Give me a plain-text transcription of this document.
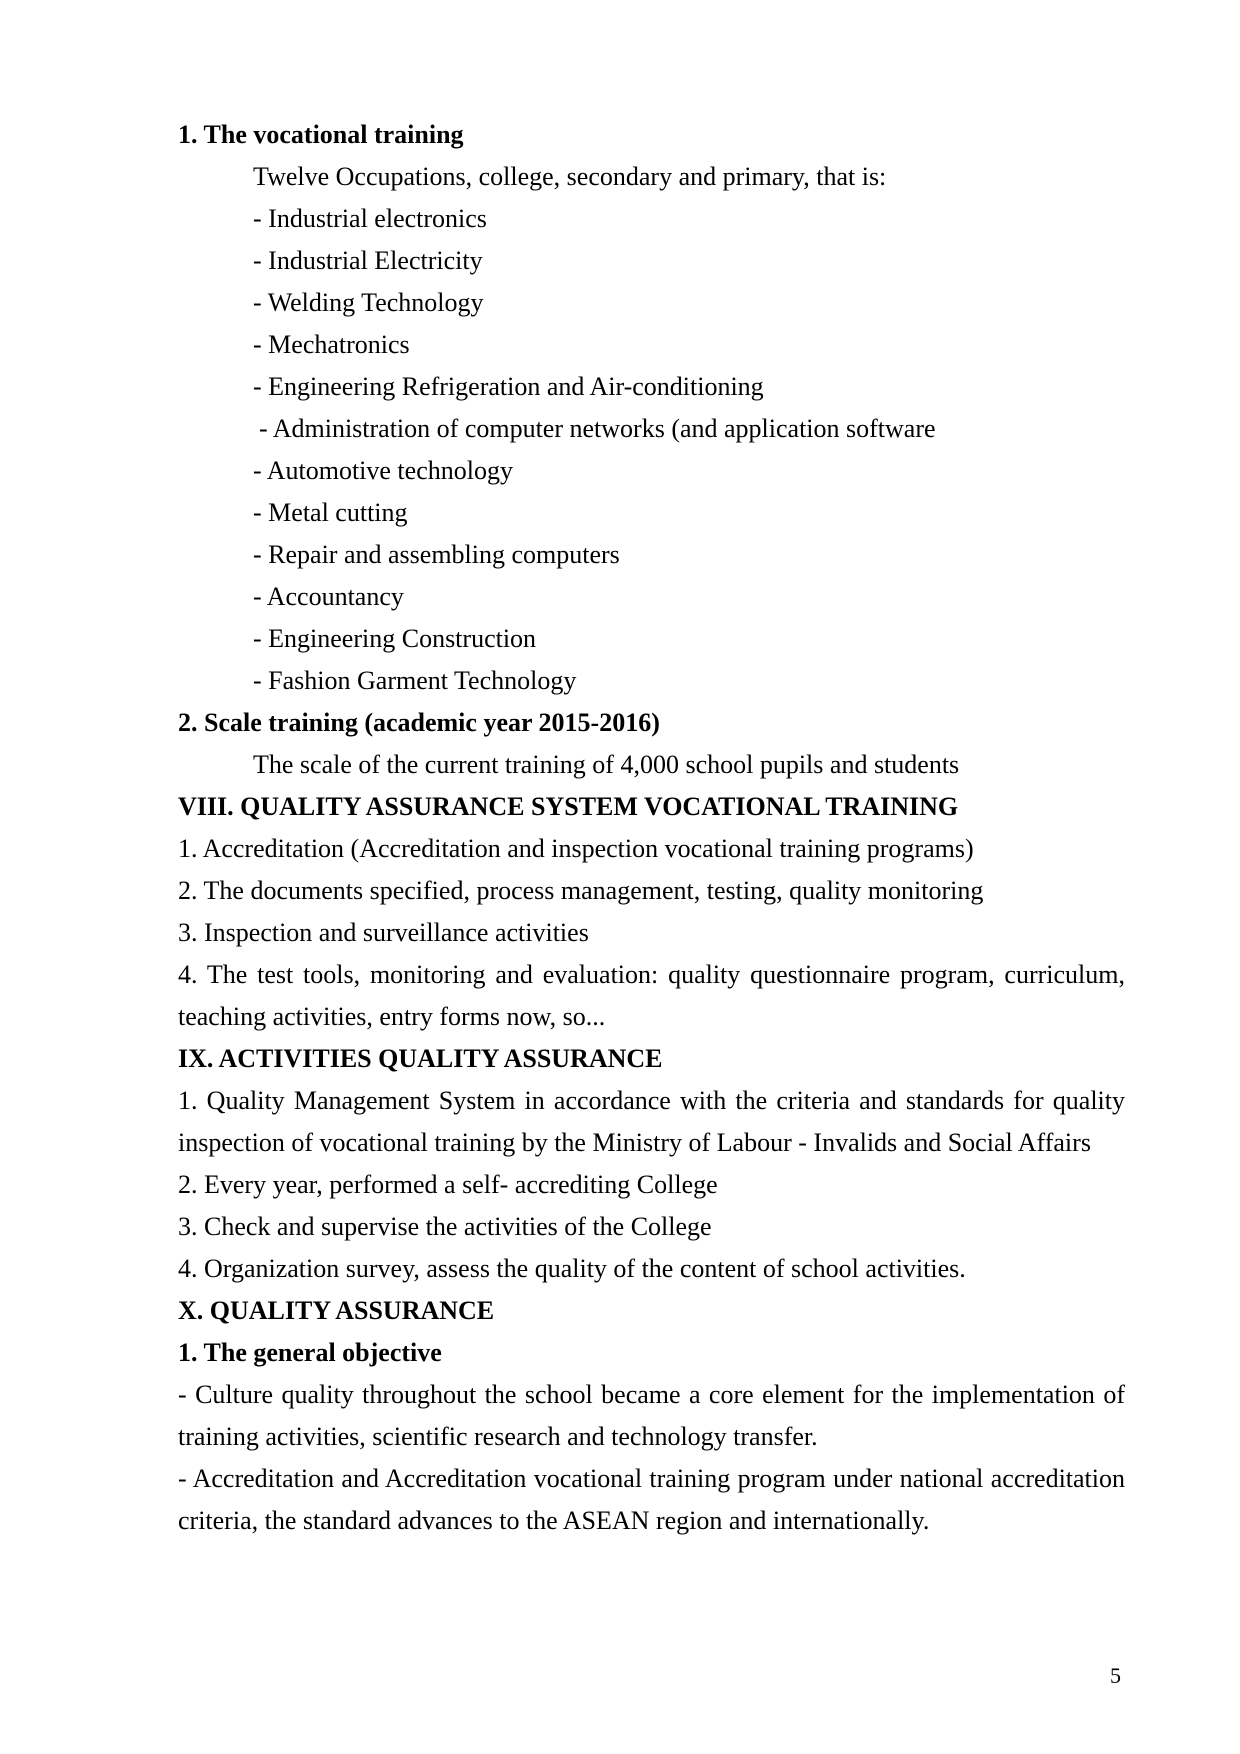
1. The vocational training

Twelve Occupations, college, secondary and primary, that is:

- Industrial electronics

- Industrial Electricity

- Welding Technology

- Mechatronics

- Engineering Refrigeration and Air-conditioning

- Administration of computer networks (and application software

- Automotive technology

- Metal cutting

- Repair and assembling computers

- Accountancy

- Engineering Construction

- Fashion Garment Technology

2. Scale training (academic year 2015-2016)

The scale of the current training of 4,000 school pupils and students

VIII. QUALITY ASSURANCE SYSTEM VOCATIONAL TRAINING

1. Accreditation (Accreditation and inspection vocational training programs)

2. The documents specified, process management, testing, quality monitoring

3. Inspection and surveillance activities

4. The test tools, monitoring and evaluation: quality questionnaire program, curriculum, teaching activities, entry forms now, so...

IX. ACTIVITIES QUALITY ASSURANCE

1. Quality Management System in accordance with the criteria and standards for quality inspection of vocational training by the Ministry of Labour - Invalids and Social Affairs

2. Every year, performed a self- accrediting College

3. Check and supervise the activities of the College

4. Organization survey, assess the quality of the content of school activities.

X. QUALITY ASSURANCE

1. The general objective

- Culture quality throughout the school became a core element for the implementation of training activities, scientific research and technology transfer.

- Accreditation and Accreditation vocational training program under national accreditation criteria, the standard advances to the ASEAN region and internationally.

5
